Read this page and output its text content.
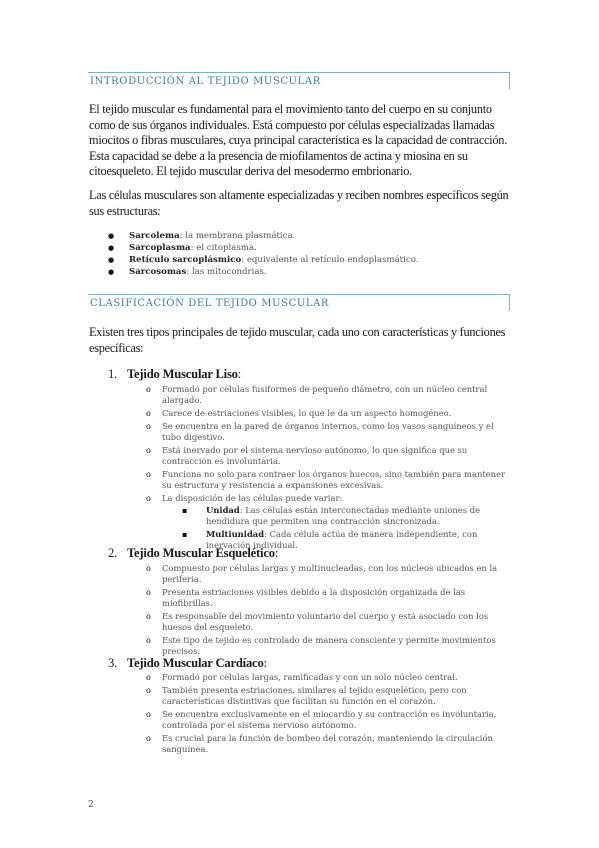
INTRODUCCIÓN AL TEJIDO MUSCULAR

El tejido muscular es fundamental para el movimiento tanto del cuerpo en su conjunto como de sus órganos individuales. Está compuesto por células especializadas llamadas miocitos o fibras musculares, cuya principal característica es la capacidad de contracción. Esta capacidad se debe a la presencia de miofilamentos de actina y miosina en su citoesqueleto. El tejido muscular deriva del mesodermo embrionario.

Las células musculares son altamente especializadas y reciben nombres específicos según sus estructuras:

● Sarcolema: la membrana plasmática.
● Sarcoplasma: el citoplasma.
● Retículo sarcoplásmico: equivalente al retículo endoplasmático.
● Sarcosomas: las mitocondrias.
CLASIFICACIÓN DEL TEJIDO MUSCULAR

Existen tres tipos principales de tejido muscular, cada uno con características y funciones específicas:

1. Tejido Muscular Liso:
o Formado por células fusiformes de pequeño diámetro, con un núcleo central alargado.
o Carece de estriaciones visibles, lo que le da un aspecto homogéneo.
o Se encuentra en la pared de órganos internos, como los vasos sanguíneos y el tubo digestivo.
o Está inervado por el sistema nervioso autónomo, lo que significa que su contracción es involuntaria.
o Funciona no solo para contraer los órganos huecos, sino también para mantener su estructura y resistencia a expansiones excesivas.
o La disposición de las células puede variar:
▪ Unidad: Las células están interconectadas mediante uniones de hendidura que permiten una contracción sincronizada.
▪ Multiunidad: Cada célula actúa de manera independiente, con inervación individual.
2. Tejido Muscular Esquelético:
o Compuesto por células largas y multinucleadas, con los núcleos ubicados en la periferia.
o Presenta estriaciones visibles debido a la disposición organizada de las miofibrillas.
o Es responsable del movimiento voluntario del cuerpo y está asociado con los huesos del esqueleto.
o Este tipo de tejido es controlado de manera consciente y permite movimientos precisos.
3. Tejido Muscular Cardíaco:
o Formado por células largas, ramificadas y con un solo núcleo central.
o También presenta estriaciones, similares al tejido esquelético, pero con características distintivas que facilitan su función en el corazón.
o Se encuentra exclusivamente en el miocardio y su contracción es involuntaria, controlada por el sistema nervioso autónomo.
o Es crucial para la función de bombeo del corazón, manteniendo la circulación sanguínea.
2
